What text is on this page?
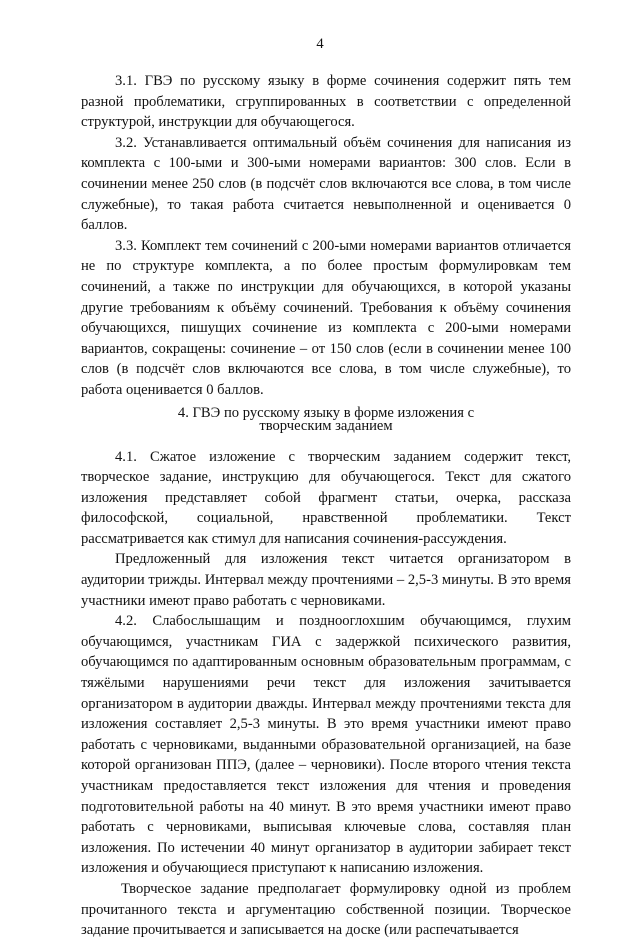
4

3.1. ГВЭ по русскому языку в форме сочинения содержит пять тем разной проблематики, сгруппированных в соответствии с определенной структурой, инструкции для обучающегося.

3.2. Устанавливается оптимальный объём сочинения для написания из комплекта с 100-ыми и 300-ыми номерами вариантов: 300 слов. Если в сочинении менее 250 слов (в подсчёт слов включаются все слова, в том числе служебные), то такая работа считается невыполненной и оценивается 0 баллов.

3.3. Комплект тем сочинений с 200-ыми номерами вариантов отличается не по структуре комплекта, а по более простым формулировкам тем сочинений, а также по инструкции для обучающихся, в которой указаны другие требованиям к объёму сочинений. Требования к объёму сочинения обучающихся, пишущих сочинение из комплекта с 200-ыми номерами вариантов, сокращены: сочинение – от 150 слов (если в сочинении менее 100 слов (в подсчёт слов включаются все слова, в том числе служебные), то работа оценивается 0 баллов.

4. ГВЭ по русскому языку в форме изложения с
творческим заданием

4.1. Сжатое изложение с творческим заданием содержит текст, творческое задание, инструкцию для обучающегося. Текст для сжатого изложения представляет собой фрагмент статьи, очерка, рассказа философской, социальной, нравственной проблематики. Текст рассматривается как стимул для написания сочинения-рассуждения.

Предложенный для изложения текст читается организатором в аудитории трижды. Интервал между прочтениями – 2,5-3 минуты. В это время участники имеют право работать с черновиками.

4.2. Слабослышащим и позднооглохшим обучающимся, глухим обучающимся, участникам ГИА с задержкой психического развития, обучающимся по адаптированным основным образовательным программам, с тяжёлыми нарушениями речи текст для изложения зачитывается организатором в аудитории дважды. Интервал между прочтениями текста для изложения составляет 2,5-3 минуты. В это время участники имеют право работать с черновиками, выданными образовательной организацией, на базе которой организован ППЭ, (далее – черновики). После второго чтения текста участникам предоставляется текст изложения для чтения и проведения подготовительной работы на 40 минут. В это время участники имеют право работать с черновиками, выписывая ключевые слова, составляя план изложения. По истечении 40 минут организатор в аудитории забирает текст изложения и обучающиеся приступают к написанию изложения.

Творческое задание предполагает формулировку одной из проблем прочитанного текста и аргументацию собственной позиции. Творческое задание прочитывается и записывается на доске (или распечатывается
